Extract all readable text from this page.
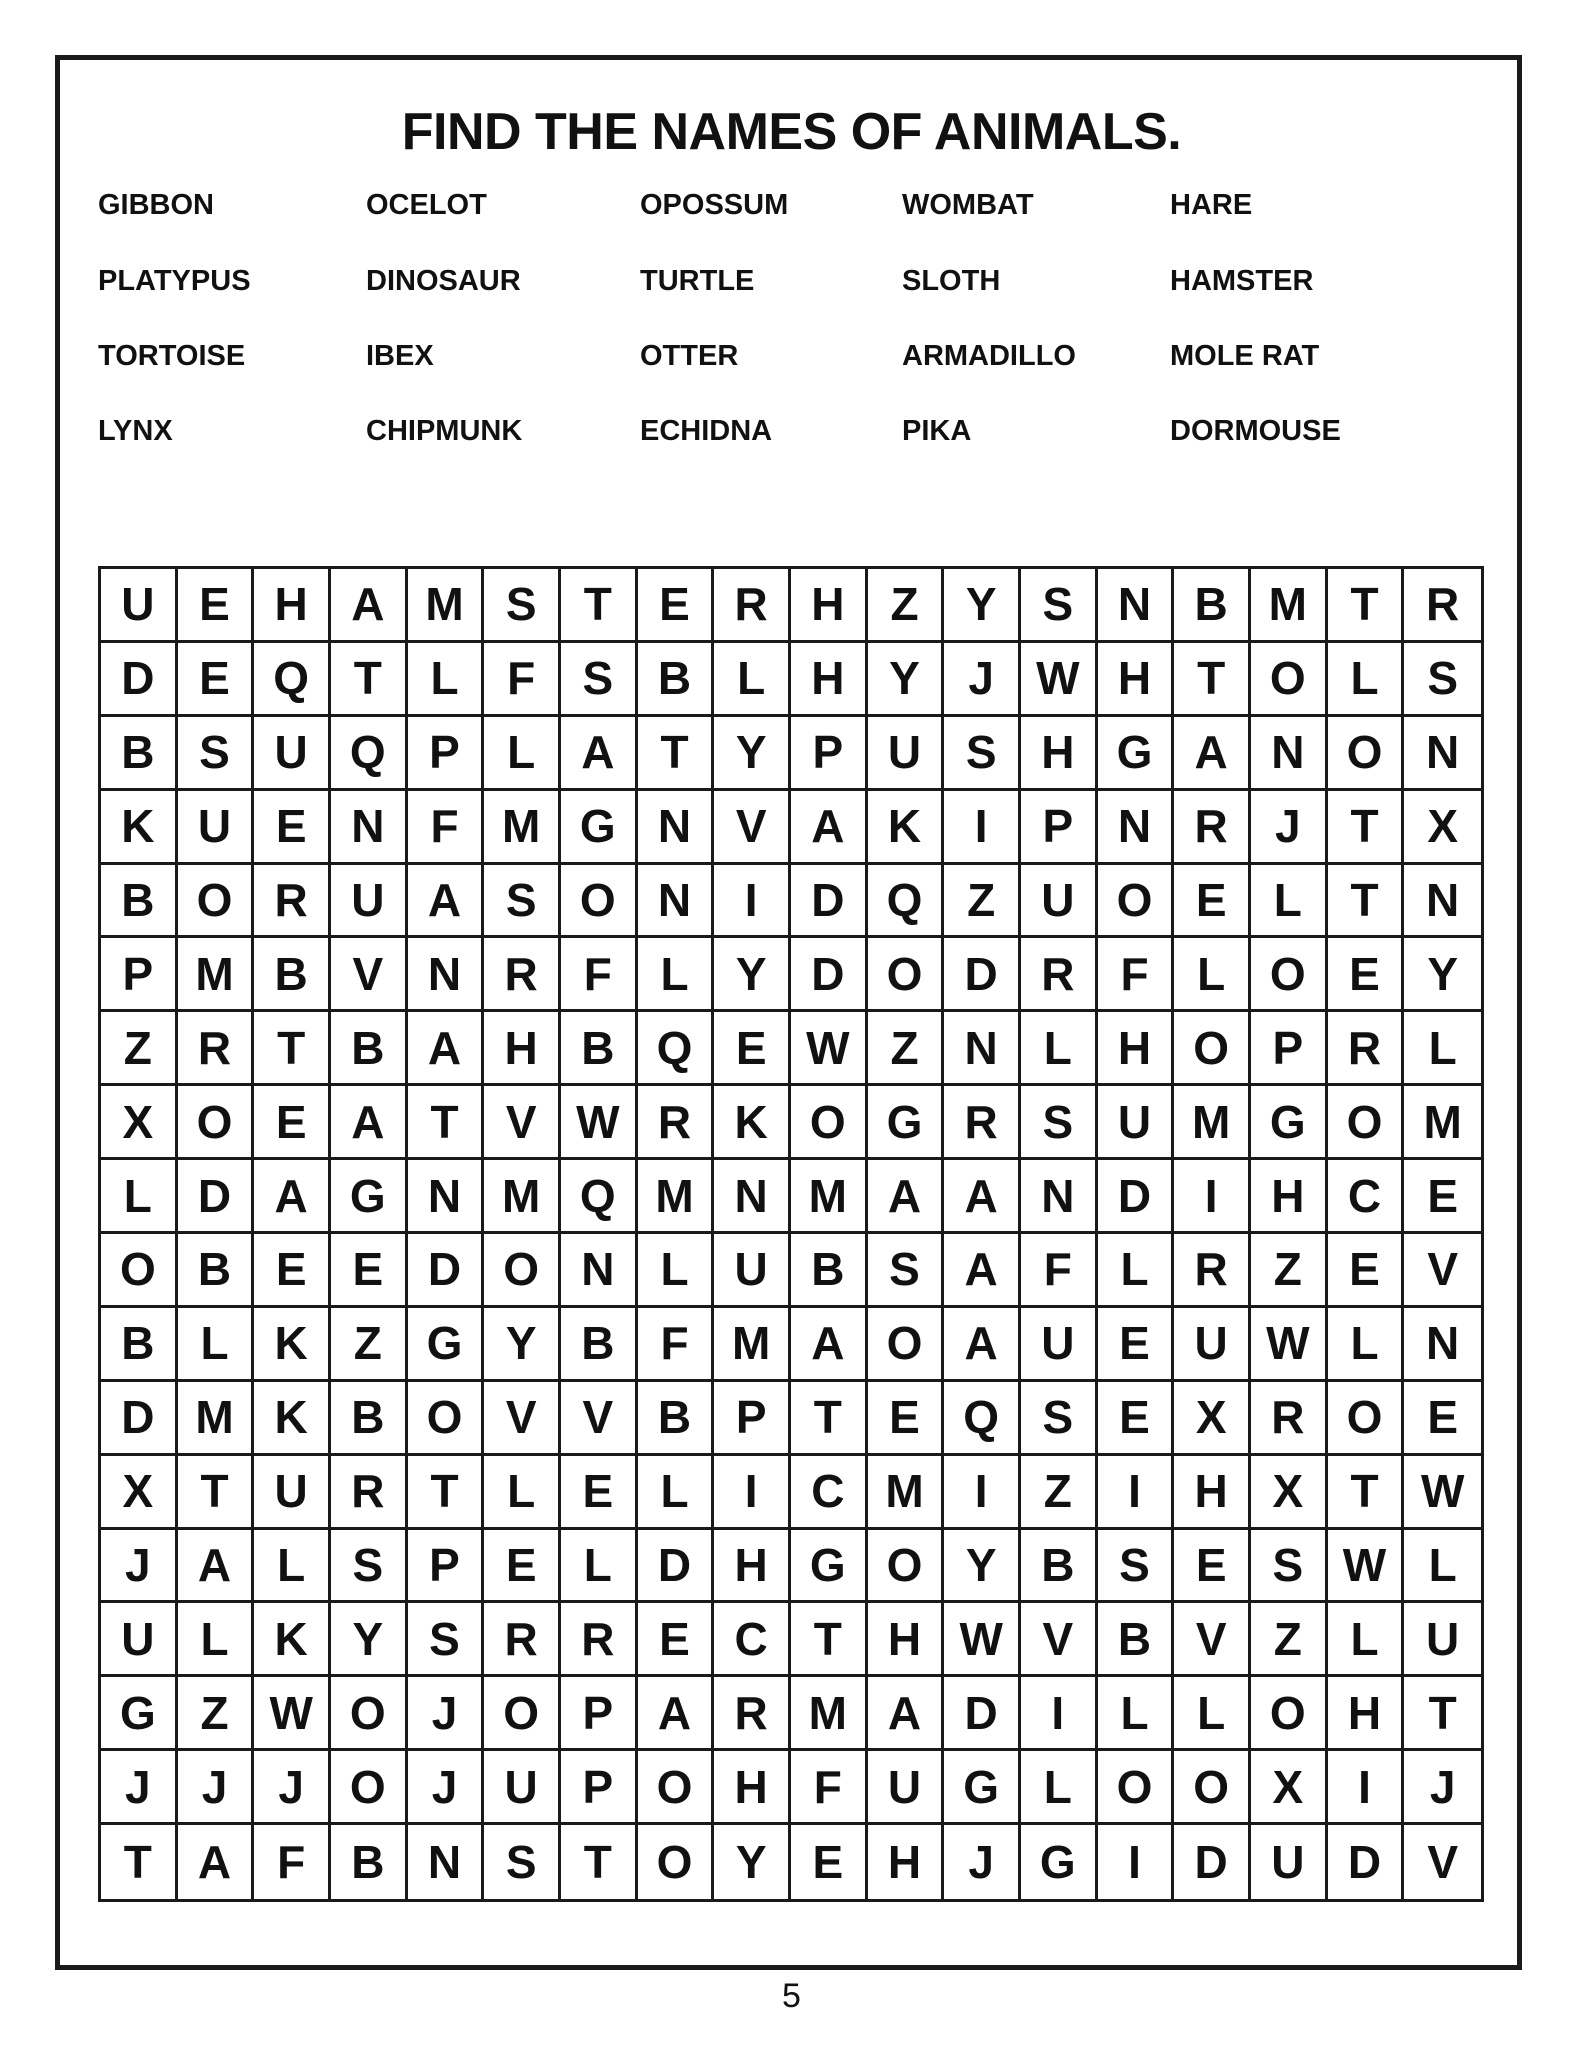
FIND THE NAMES OF ANIMALS.
GIBBON	OCELOT	OPOSSUM	WOMBAT	HARE
PLATYPUS	DINOSAUR	TURTLE	SLOTH	HAMSTER
TORTOISE	IBEX	OTTER	ARMADILLO	MOLE RAT
LYNX	CHIPMUNK	ECHIDNA	PIKA	DORMOUSE
U E H A M S	T	E R H	Z	Y S N B M T	R
D E Q T	L	F	S B L	H Y	J W H T O L	S
B S U Q P	L	A	T	Y P U S H G A N O N
K U E N	F M G N V A K	I	P N R	J	T	X
B O R U A S O N	I	D Q Z	U O E	L	T	N
P M B V N R	F	L	Y D O D R	F	L O E	Y
Z	R T	B A H B Q E W Z N	L	H O P R	L
X O E A	T	V W R K O G R S U M G O M
L	D A G N M Q M N M A A N D	I	H C	E
O B E E D O N	L U B S A	F	L R	Z	E	V
B	L K	Z G Y B	F M A O A U E U W L	N
D M K B O V V B P	T	E Q S E X R O E
X	T U R	T	L	E	L	I	C M	I	Z	I	H X	T W
J	A L	S P E	L	D H G O Y B S E S W L
U	L K Y S R R E C	T	H W V B V	Z	L	U
G Z W O J O P A R M A D	I	L	L O H	T
J	J	J O J	U P O H	F	U G L O O X	I	J
T	A F	B N S	T O Y E H	J G	I	D U D	V
5
